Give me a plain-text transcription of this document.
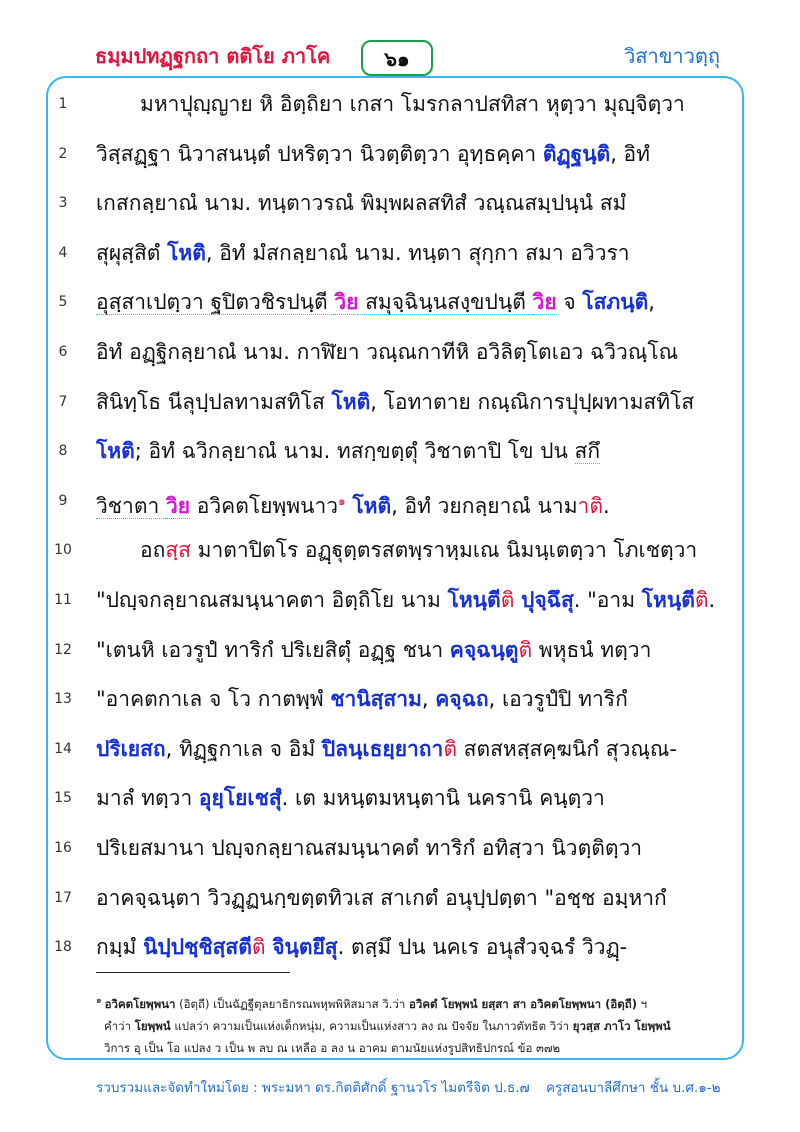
ธมฺมปทฏฺฐกถา ตติโย ภาโค	๖๑	วิสาขาวตฺถุ
1	มหาปุญฺญาย หิ อิตฺถิยา เกสา โมรกลาปสทิสา หุตฺวา มุญฺจิตฺวา
2	วิสฺสฏฺฐา นิวาสนนฺตํ ปหริตฺวา นิวตฺติตฺวา อุทฺธคฺคา ติฏฺฐนฺติ, อิทํ
3	เกสกลฺยาณํ นาม. ทนฺตาวรณํ พิมฺพผลสทิสํ วณฺณสมฺปนฺนํ สมํ
4	สุผุสฺสิตํ โหติ, อิทํ มํสกลฺยาณํ นาม. ทนฺตา สุกฺกา สมา อวิวรา
5	อุสฺสาเปตฺวา ฐปิตวชิรปนฺตี วิย สมุจฺฉินฺนสงฺขปนฺตี วิย จ โสภนฺติ,
6	อิทํ อฏฺฐิกลฺยาณํ นาม. กาฬิยา วณฺณกาทีหิ อวิลิตฺโตเอว ฉวิวณฺโณ
7	สินิทฺโธ นีลุปฺปลทามสทิโส โหติ, โอทาตาย กณฺณิการปุปฺผทามสทิโส
8	โหติ; อิทํ ฉวิกลฺยาณํ นาม. ทสกฺขตฺตุํ วิชาตาปิ โข ปน สกึ
9	วิชาตา วิย อวิคตโยพฺพนาว$^๑$ โหติ, อิทํ วยกลฺยาณํ นามาติ.
10	อถสฺส มาตาปิตโร อฏฺฐุตฺตรสตพฺราหฺมเณ นิมนฺเตตฺวา โภเชตฺวา
11 "ปญฺจกลฺยาณสมนฺนาคตา อิตฺถิโย นาม โหนฺตีติ ปุจฺฉึสุ. "อาม โหนฺตีติ.
12 "เตนหิ เอวรูปํ ทาริกํ ปริเยสิตุํ อฏฺฐ ชนา คจฺฉนฺตูติ พหุธนํ ทตฺวา
13 "อาคตกาเล จ โว กาตพฺพํ ชานิสฺสาม, คจฺฉถ, เอวรูปํปิ ทาริกํ
14 ปริเยสถ, ทิฏฺฐกาเล จ อิมํ ปิลนฺเธยฺยาถาติ สตสหสฺสคฺฆนิกํ สุวณฺณ-
15 มาลํ ทตฺวา อุยฺโยเชสุํ. เต มหนฺตมหนฺตานิ นครานิ คนฺตฺวา
16 ปริเยสมานา ปญฺจกลฺยาณสมนฺนาคตํ ทาริกํ อทิสฺวา นิวตฺติตฺวา
17 อาคจฺฉนฺตา วิวฏฺฏนกฺขตฺตทิวเส สาเกตํ อนุปฺปตฺตา "อชฺช อมฺหากํ
18 กมฺมํ นิปฺปชฺชิสฺสตีติ จินฺตยึสุ. ตสฺมึ ปน นคเร อนุสํวจฺฉรํ วิวฏฺ-
$^๑$ อวิคตโยพฺพนา (อิตฺถี) เป็นฉัฏฐีตุลยาธิกรณพหุพพิหิสมาส วิ.ว่า อวิคตํ โยพฺพนํ ยสฺสา สา อวิคตโยพฺพนา (อิตฺถี) ฯ
คำว่า โยพฺพนํ แปลว่า ความเป็นแห่งเด็กหนุ่ม, ความเป็นแห่งสาว ลง ณ ปัจจัย ในภาวตัทธิต วิว่า ยุวสฺส ภาโว โยพฺพนํ
วิการ อุ เป็น โอ แปลง ว เป็น พ ลบ ณ เหลือ อ ลง น อาคม ตามนัยแห่งรูปสิทธิปกรณ์ ข้อ ๓๗๒
รวบรวมและจัดทำใหม่โดย : พระมหา ดร.กิตติศักดิ์ ฐานวโร ไมตรีจิต ป.ธ.๗ ครูสอนบาลีศึกษา ชั้น บ.ศ.๑-๒
